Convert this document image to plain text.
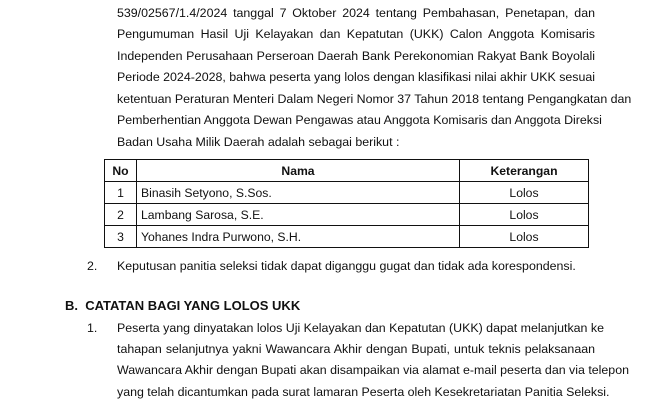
539/02567/1.4/2024 tanggal 7 Oktober 2024 tentang Pembahasan, Penetapan, dan
Pengumuman Hasil Uji Kelayakan dan Kepatutan (UKK) Calon Anggota Komisaris
Independen Perusahaan Perseroan Daerah Bank Perekonomian Rakyat Bank Boyolali
Periode 2024-2028, bahwa peserta yang lolos dengan klasifikasi nilai akhir UKK sesuai
ketentuan Peraturan Menteri Dalam Negeri Nomor 37 Tahun 2018 tentang Pengangkatan dan
Pemberhentian Anggota Dewan Pengawas atau Anggota Komisaris dan Anggota Direksi
Badan Usaha Milik Daerah adalah sebagai berikut :
No	Nama	Keterangan
1	Binasih Setyono, S.Sos.	Lolos
2	Lambang Sarosa, S.E.	Lolos
3	Yohanes Indra Purwono, S.H.	Lolos
2. Keputusan panitia seleksi tidak dapat diganggu gugat dan tidak ada korespondensi.
B.  CATATAN BAGI YANG LOLOS UKK
1. Peserta yang dinyatakan lolos Uji Kelayakan dan Kepatutan (UKK) dapat melanjutkan ke
tahapan selanjutnya yakni Wawancara Akhir dengan Bupati, untuk teknis pelaksanaan
Wawancara Akhir dengan Bupati akan disampaikan via alamat e-mail peserta dan via telepon
yang telah dicantumkan pada surat lamaran Peserta oleh Kesekretariatan Panitia Seleksi.
